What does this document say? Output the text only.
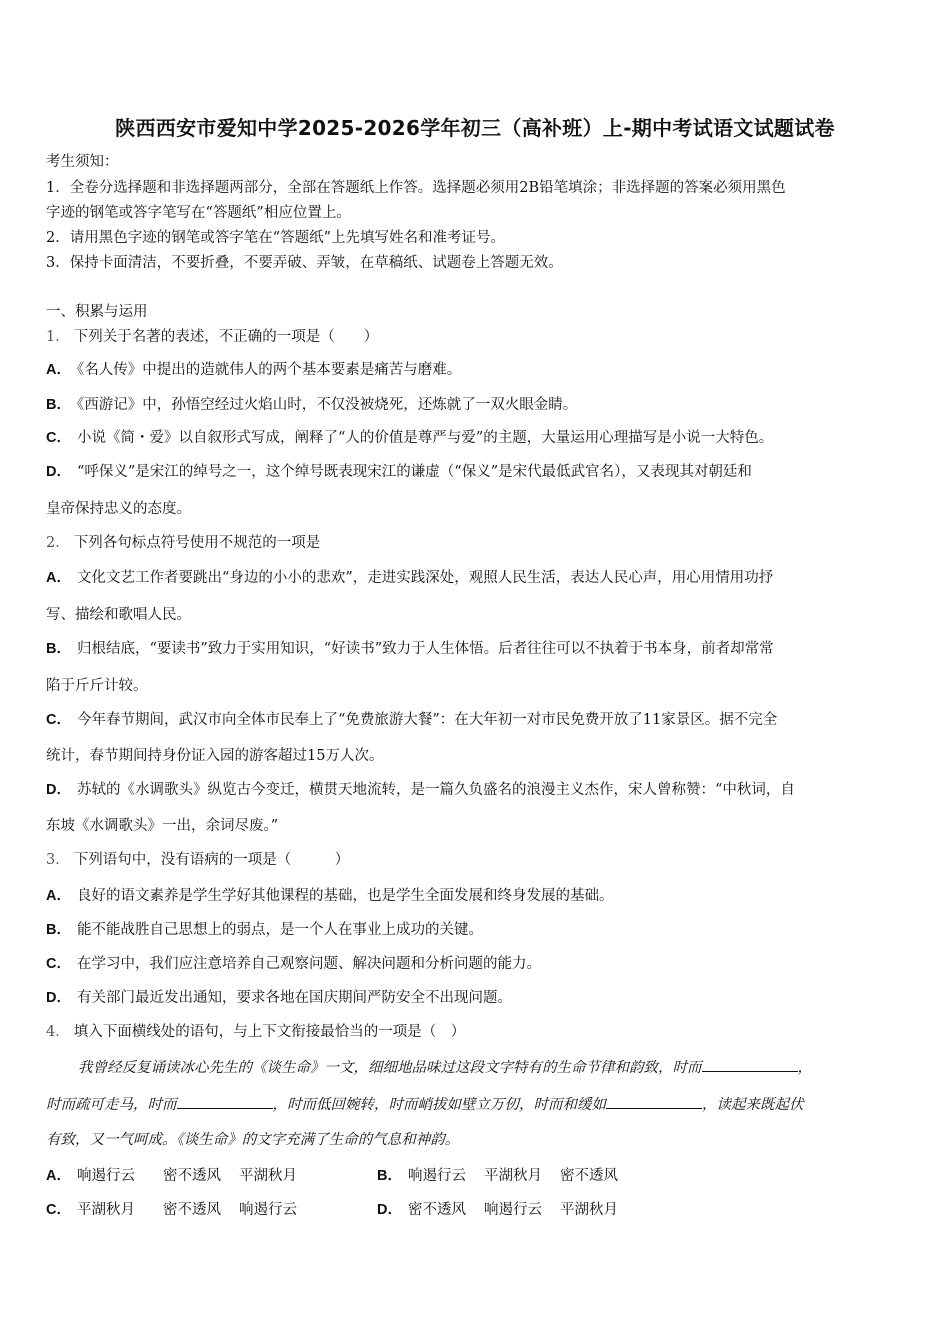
陕西西安市爱知中学2025-2026学年初三（高补班）上-期中考试语文试题试卷
考生须知：
1．全卷分选择题和非选择题两部分，全部在答题纸上作答。选择题必须用2B铅笔填涂；非选择题的答案必须用黑色
字迹的钢笔或答字笔写在“答题纸”相应位置上。
2．请用黑色字迹的钢笔或答字笔在“答题纸”上先填写姓名和准考证号。
3．保持卡面清洁，不要折叠，不要弄破、弄皱，在草稿纸、试题卷上答题无效。
一、积累与运用
1． 下列关于名著的表述，不正确的一项是（　　）
A． 《名人传》中提出的造就伟人的两个基本要素是痛苦与磨难。
B． 《西游记》中，孙悟空经过火焰山时，不仅没被烧死，还炼就了一双火眼金睛。
C． 小说《简・爱》以自叙形式写成，阐释了“人的价值是尊严与爱”的主题，大量运用心理描写是小说一大特色。
D． “呼保义”是宋江的绰号之一，这个绰号既表现宋江的谦虚（“保义”是宋代最低武官名），又表现其对朝廷和
皇帝保持忠义的态度。
2． 下列各句标点符号使用不规范的一项是
A． 文化文艺工作者要跳出“身边的小小的悲欢”，走进实践深处，观照人民生活，表达人民心声，用心用情用功抒
写、描绘和歌唱人民。
B． 归根结底，“要读书”致力于实用知识，“好读书”致力于人生体悟。后者往往可以不执着于书本身，前者却常常
陷于斤斤计较。
C． 今年春节期间，武汉市向全体市民奉上了“免费旅游大餐”：在大年初一对市民免费开放了11家景区。据不完全
统计，春节期间持身份证入园的游客超过15万人次。
D． 苏轼的《水调歌头》纵览古今变迁，横贯天地流转，是一篇久负盛名的浪漫主义杰作，宋人曾称赞：“中秋词，自
东坡《水调歌头》一出，余词尽废。”
3． 下列语句中，没有语病的一项是（　　　）
A． 良好的语文素养是学生学好其他课程的基础，也是学生全面发展和终身发展的基础。
B． 能不能战胜自己思想上的弱点，是一个人在事业上成功的关键。
C． 在学习中，我们应注意培养自己观察问题、解决问题和分析问题的能力。
D． 有关部门最近发出通知，要求各地在国庆期间严防安全不出现问题。
4． 填入下面横线处的语句，与上下文衔接最恰当的一项是（　）
我曾经反复诵读冰心先生的《谈生命》一文，细细地品味过这段文字特有的生命节律和韵致，时而	，
时而疏可走马，时而	，时而低回婉转，时而峭拔如壁立万仞，时而和缓如	，读起来既起伏
有致，又一气呵成。《谈生命》的文字充满了生命的气息和神韵。
A． 响遏行云 密不透风 平湖秋月	B． 响遏行云 平湖秋月 密不透风
C． 平湖秋月 密不透风 响遏行云	D． 密不透风 响遏行云 平湖秋月
